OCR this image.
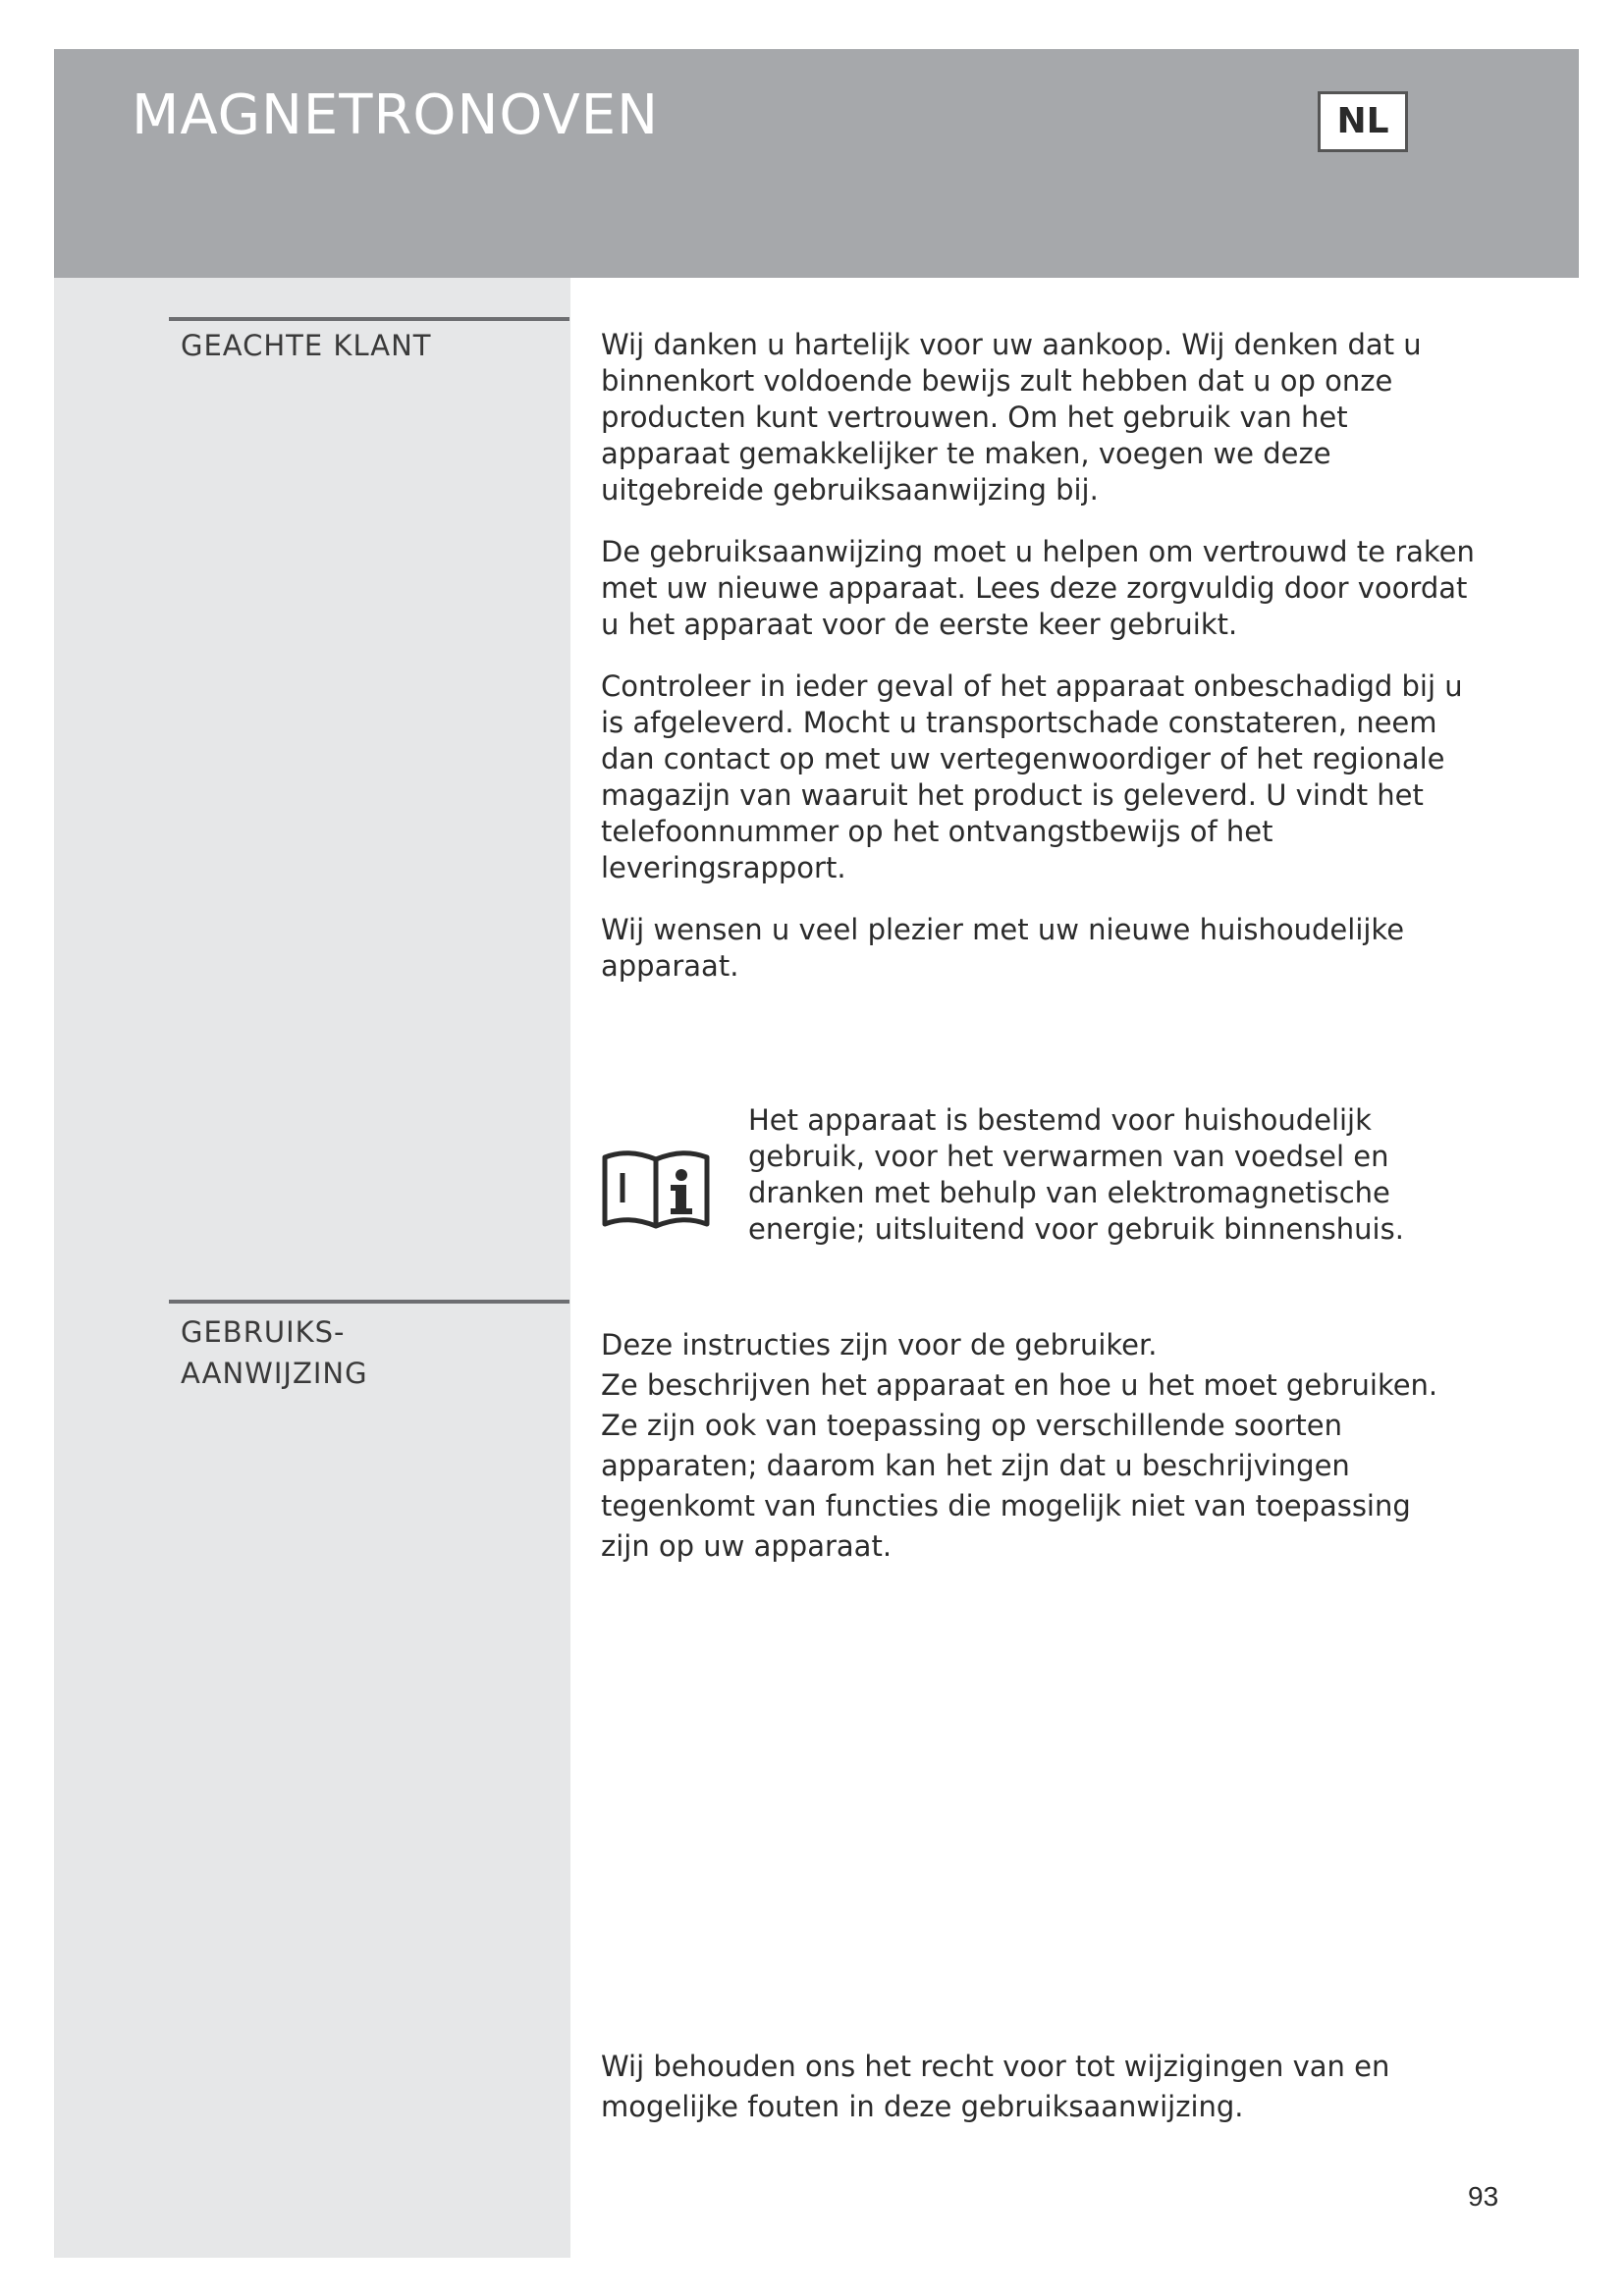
MAGNETRONOVEN	NL
GEACHTE KLANT	Wij danken u hartelijk voor uw aankoop. Wij denken dat u binnenkort voldoende bewijs zult hebben dat u op onze producten kunt vertrouwen. Om het gebruik van het apparaat gemakkelijker te maken, voegen we deze uitgebreide gebruiksaanwijzing bij.

De gebruiksaanwijzing moet u helpen om vertrouwd te raken met uw nieuwe apparaat. Lees deze zorgvuldig door voordat u het apparaat voor de eerste keer gebruikt.

Controleer in ieder geval of het apparaat onbeschadigd bij u is afgeleverd. Mocht u transportschade constateren, neem dan contact op met uw vertegenwoordiger of het regionale magazijn van waaruit het product is geleverd. U vindt het telefoonnummer op het ontvangstbewijs of het leveringsrapport.

Wij wensen u veel plezier met uw nieuwe huishoudelijke apparaat.

Het apparaat is bestemd voor huishoudelijk gebruik, voor het verwarmen van voedsel en dranken met behulp van elektromagnetische energie; uitsluitend voor gebruik binnenshuis.
GEBRUIKS-
AANWIJZING
Deze instructies zijn voor de gebruiker.
Ze beschrijven het apparaat en hoe u het moet gebruiken.
Ze zijn ook van toepassing op verschillende soorten apparaten; daarom kan het zijn dat u beschrijvingen tegenkomt van functies die mogelijk niet van toepassing zijn op uw apparaat.
Wij behouden ons het recht voor tot wijzigingen van en mogelijke fouten in deze gebruiksaanwijzing.
93
